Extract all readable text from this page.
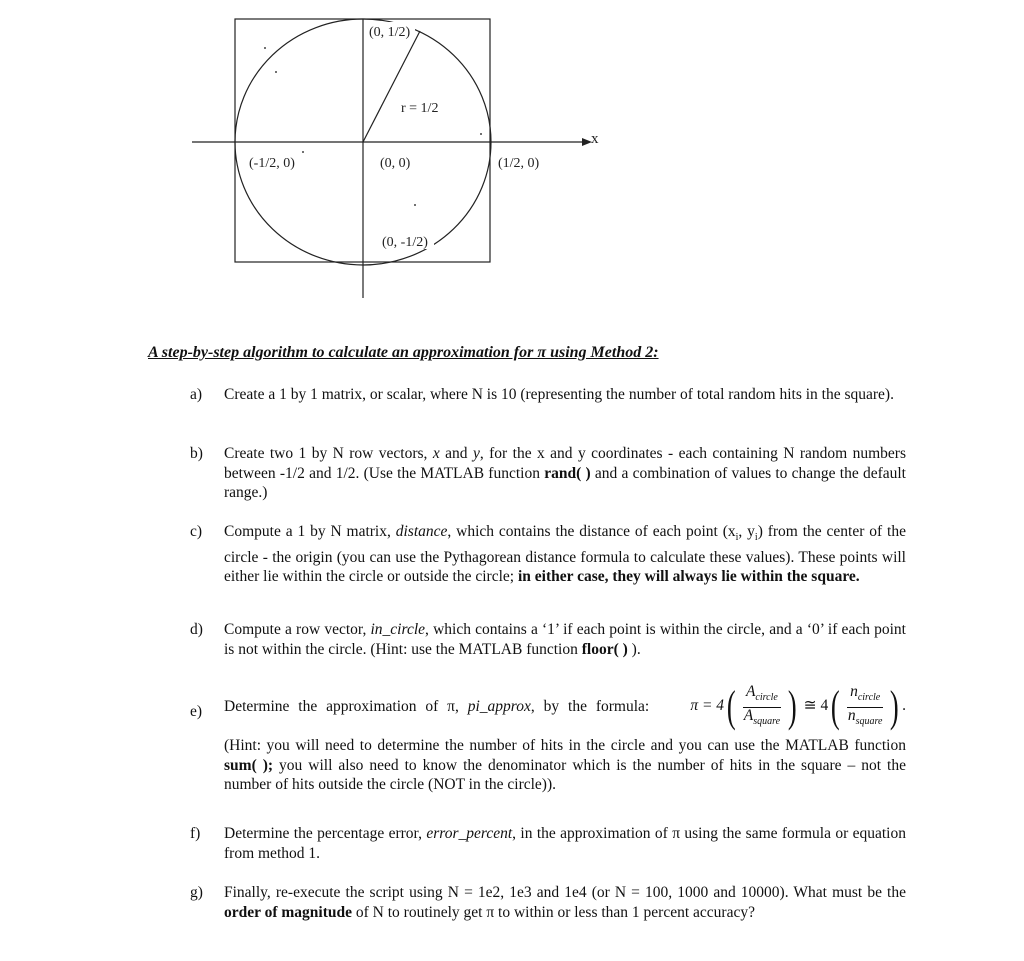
(0, 1/2)
r = 1/2
x
(-1/2, 0)	(0, 0)	(1/2, 0)
(0, -1/2)
A step-by-step algorithm to calculate an approximation for π using Method 2:
a) Create a 1 by 1 matrix, or scalar, where N is 10 (representing the number of total random hits in the square).
b) Create two 1 by N row vectors, x and y, for the x and y coordinates - each containing N random numbers between -1/2 and 1/2. (Use the MATLAB function rand( ) and a combination of values to change the default range.)
c) Compute a 1 by N matrix, distance, which contains the distance of each point ($x_i$, $y_i$) from the center of the circle - the origin (you can use the Pythagorean distance formula to calculate these values). These points will either lie within the circle or outside the circle; in either case, they will always lie within the square.
d) Compute a row vector, in_circle, which contains a ‘1’ if each point is within the circle, and a ‘0’ if each point is not within the circle. (Hint: use the MATLAB function floor( ) ).
e) Determine the approximation of π, pi_approx, by the formula:	$\pi = 4( \frac{A_{circle}}{A_{square}}$ ) ≅ $4( \frac{n_{circle}}{n_{square}}$ ) .
(Hint: you will need to determine the number of hits in the circle and you can use the MATLAB function sum( ); you will also need to know the denominator which is the number of hits in the square – not the number of hits outside the circle (NOT in the circle)).
f) Determine the percentage error, error_percent, in the approximation of π using the same formula or equation from method 1.
g) Finally, re-execute the script using N = 1e2, 1e3 and 1e4 (or N = 100, 1000 and 10000). What must be the order of magnitude of N to routinely get π to within or less than 1 percent accuracy?
